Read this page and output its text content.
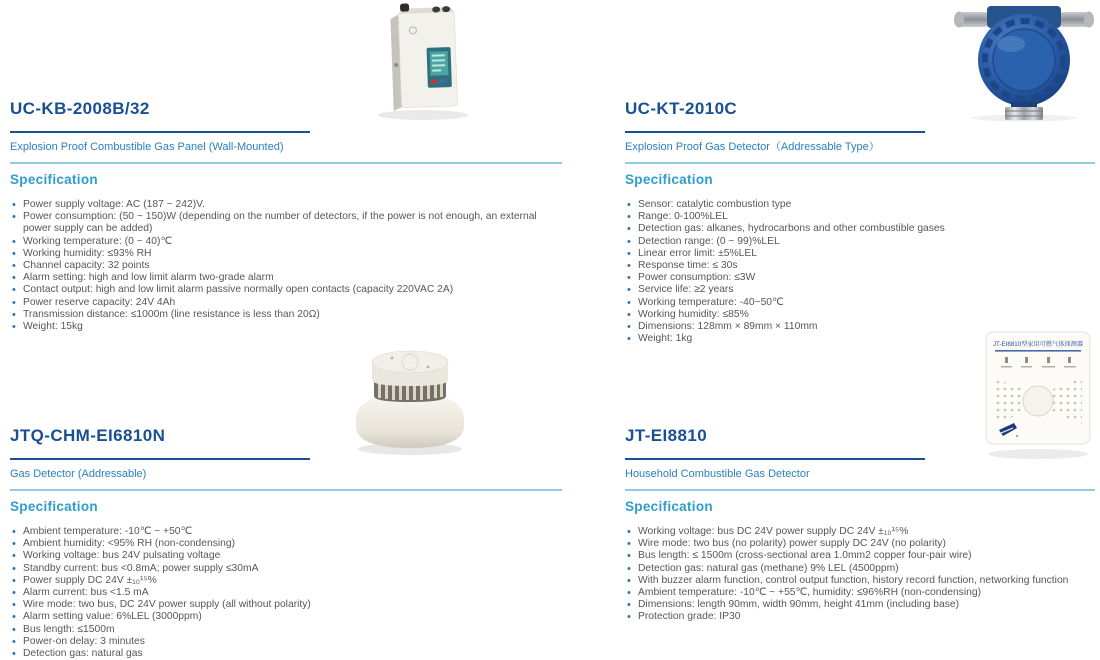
UC-KB-2008B/32
Explosion Proof Combustible Gas Panel (Wall-Mounted)
Specification
• Power supply voltage: AC (187 ~ 242)V.
• Power consumption: (50 ~ 150)W (depending on the number of detectors, if the power is not enough, an external power supply can be added)
• Working temperature: (0 ~ 40)℃
• Working humidity: ≤93% RH
• Channel capacity: 32 points
• Alarm setting: high and low limit alarm two-grade alarm
• Contact output: high and low limit alarm passive normally open contacts (capacity 220VAC 2A)
• Power reserve capacity: 24V 4Ah
• Transmission distance: ≤1000m (line resistance is less than 20Ω)
• Weight: 15kg
UC-KT-2010C
Explosion Proof Gas Detector（Addressable Type）
Specification
• Sensor: catalytic combustion type
• Range: 0-100%LEL
• Detection gas: alkanes, hydrocarbons and other combustible gases
• Detection range: (0 ~ 99)%LEL
• Linear error limit: ±5%LEL
• Response time: ≤ 30s
• Power consumption: ≤3W
• Service life: ≥2 years
• Working temperature: -40~50℃
• Working humidity: ≤85%
• Dimensions: 128mm × 89mm × 110mm
• Weight: 1kg
JTQ-CHM-EI6810N
Gas Detector (Addressable)
Specification
• Ambient temperature: -10℃ ~ +50℃
• Ambient humidity: <95% RH (non-condensing)
• Working voltage: bus 24V pulsating voltage
• Standby current: bus <0.8mA; power supply ≤30mA
• Power supply DC 24V ±₁₀¹⁵%
• Alarm current: bus <1.5 mA
• Wire mode: two bus, DC 24V power supply (all without polarity)
• Alarm setting value: 6%LEL (3000ppm)
• Bus length: ≤1500m
• Power-on delay: 3 minutes
• Detection gas: natural gas
JT-EI8810
Household Combustible Gas Detector
Specification
• Working voltage: bus DC 24V power supply DC 24V ±₁₀¹⁵%
• Wire mode: two bus (no polarity) power supply DC 24V (no polarity)
• Bus length: ≤ 1500m (cross-sectional area 1.0mm2 copper four-pair wire)
• Detection gas: natural gas (methane) 9% LEL (4500ppm)
• With buzzer alarm function, control output function, history record function, networking function
• Ambient temperature: -10℃ ~ +55℃, humidity: ≤96%RH (non-condensing)
• Dimensions: length 90mm, width 90mm, height 41mm (including base)
• Protection grade: IP30
JT-EI8810型家用可燃气体探测器
